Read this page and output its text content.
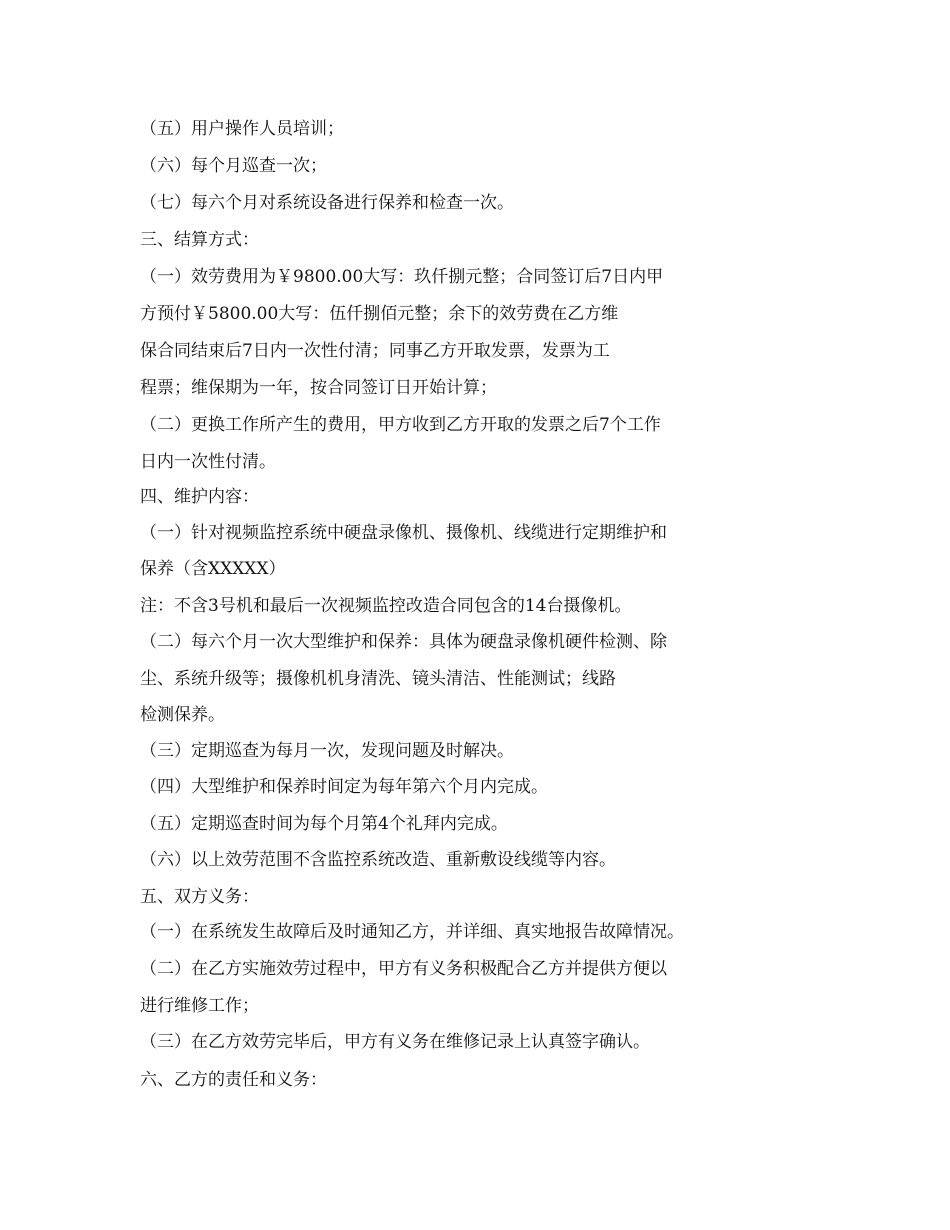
（五）用户操作人员培训；
（六）每个月巡查一次；
（七）每六个月对系统设备进行保养和检查一次。
三、结算方式：
（一）效劳费用为￥9800.00大写：玖仟捌元整；合同签订后7日内甲
方预付￥5800.00大写：伍仟捌佰元整；余下的效劳费在乙方维
保合同结束后7日内一次性付清；同事乙方开取发票，发票为工
程票；维保期为一年，按合同签订日开始计算；
（二）更换工作所产生的费用，甲方收到乙方开取的发票之后7个工作
日内一次性付清。
四、维护内容：
（一）针对视频监控系统中硬盘录像机、摄像机、线缆进行定期维护和
保养（含XXXXX）
注：不含3号机和最后一次视频监控改造合同包含的14台摄像机。
（二）每六个月一次大型维护和保养：具体为硬盘录像机硬件检测、除
尘、系统升级等；摄像机机身清洗、镜头清洁、性能测试；线路
检测保养。
（三）定期巡查为每月一次，发现问题及时解决。
（四）大型维护和保养时间定为每年第六个月内完成。
（五）定期巡查时间为每个月第4个礼拜内完成。
（六）以上效劳范围不含监控系统改造、重新敷设线缆等内容。
五、双方义务：
（一）在系统发生故障后及时通知乙方，并详细、真实地报告故障情况。
（二）在乙方实施效劳过程中，甲方有义务积极配合乙方并提供方便以
进行维修工作；
（三）在乙方效劳完毕后，甲方有义务在维修记录上认真签字确认。
六、乙方的责任和义务：
